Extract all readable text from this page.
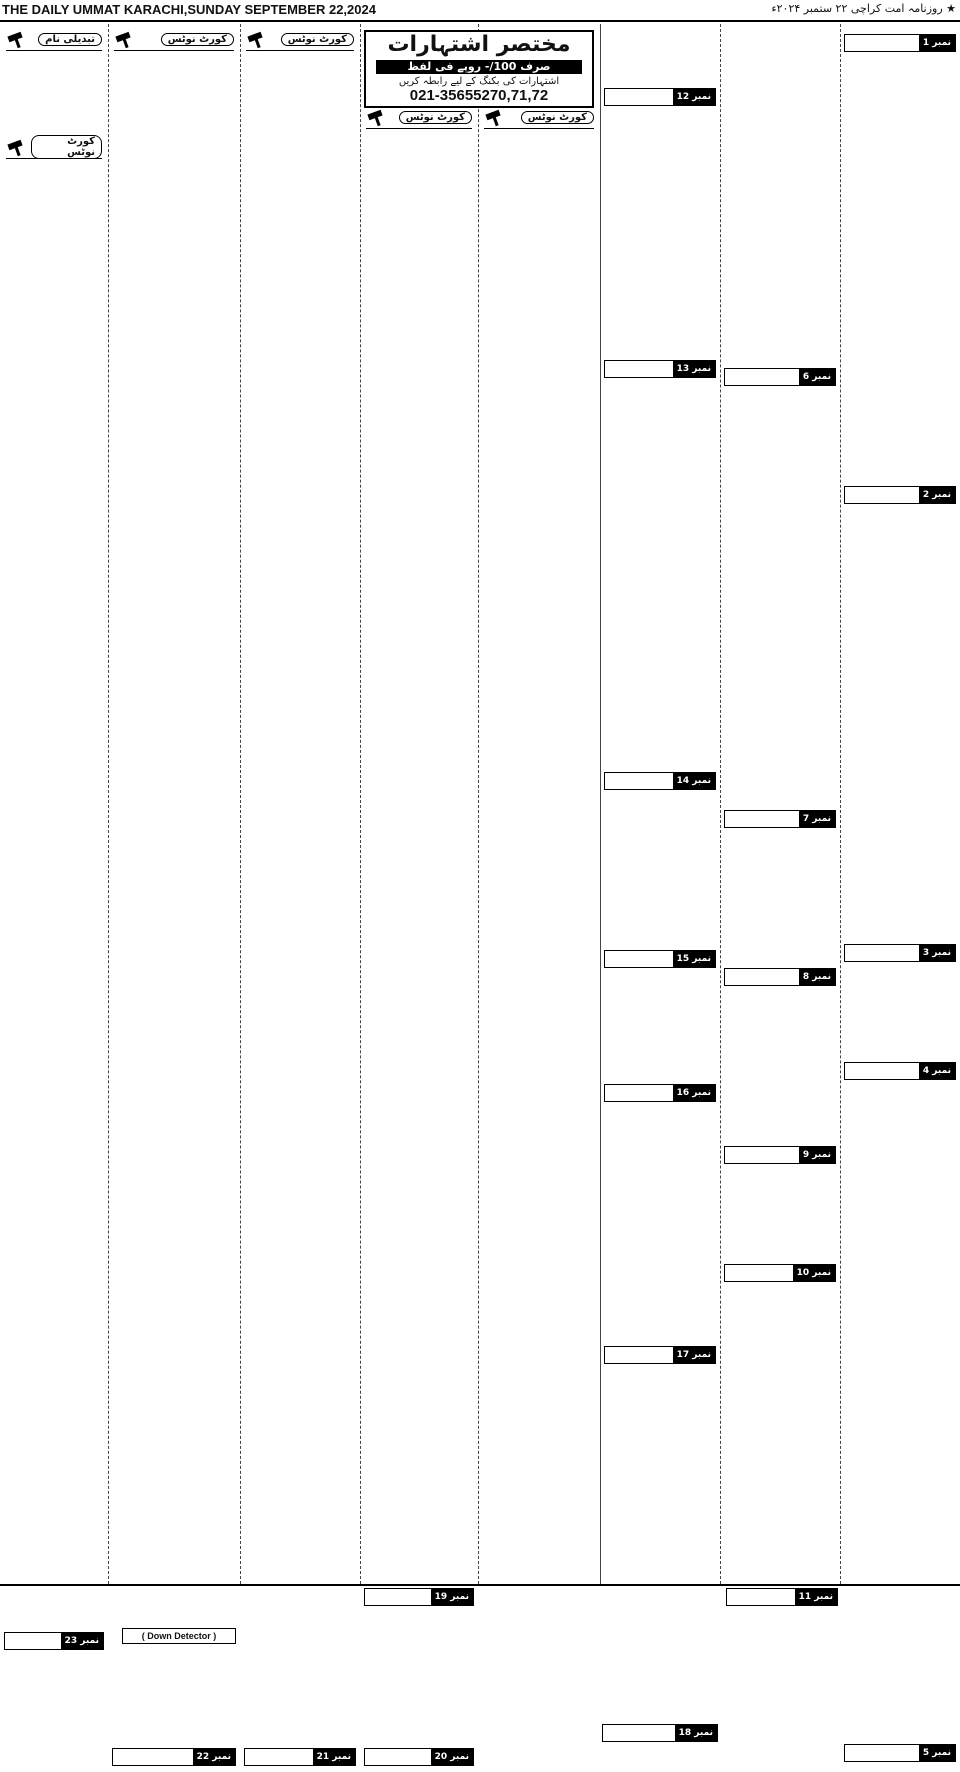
THE DAILY UMMAT KARACHI,SUNDAY SEPTEMBER 22,2024	★ روزنامہ امت کراچی ۲۲ ستمبر ۲۰۲۴ء
مختصر اشتہارات
صرف 100/- روپے فی لفظ
اشتہارات کی بکنگ کے لیے رابطہ کریں
021-35655270,71,72
تبدیلی نام
کورٹ نوٹس
کورٹ نوٹس	کورٹ نوٹس
کورٹ نوٹس	کورٹ نوٹس
نمبر 12
نمبر 13
نمبر 14
نمبر 15
نمبر 16
نمبر 17
نمبر 6
نمبر 7
نمبر 8
نمبر 9
نمبر 10
نمبر 1
نمبر 2
نمبر 3
نمبر 4
نمبر 23
نمبر 22
( Down Detector )
نمبر 21
نمبر 19
نمبر 20
نمبر 18
نمبر 11
نمبر 5
